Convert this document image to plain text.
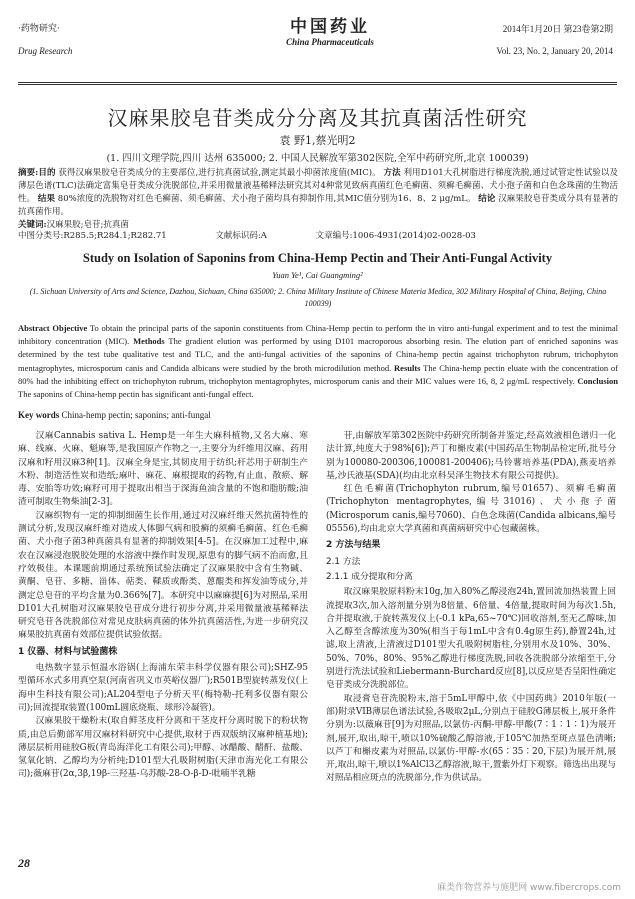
·药物研究·
Drug Research
中国药业
China Pharmaceuticals
2014年1月20日 第23卷第2期
Vol. 23, No. 2, January 20, 2014
汉麻果胶皂苷类成分分离及其抗真菌活性研究
袁 野1,蔡光明2
(1. 四川文理学院,四川 达州 635000; 2. 中国人民解放军第302医院,全军中药研究所,北京 100039)
摘要:目的 获得汉麻果胶皂苷类成分的主要部位,进行抗真菌试验,测定其最小抑菌浓度值(MIC)。 方法 利用D101大孔树脂进行梯度洗脱,通过试管定性试验以及薄层色谱(TLC)法确定富集皂苷类成分洗脱部位,并采用微量液基稀释法研究其对4种常见致病真菌红色毛癣菌、须癣毛癣菌、犬小孢子菌和白色念珠菌的生物活性。 结果 80%浓度的洗脱物对红色毛癣菌、须毛癣菌、犬小孢子菌均具有抑制作用,其MIC值分别为16、8、2 μg/mL。 结论 汉麻果胶皂苷类成分具有显著的抗真菌作用。
关键词:汉麻果胶;皂苷;抗真菌
中图分类号:R285.5;R284.1;R282.71	文献标识码:A	文章编号:1006-4931(2014)02-0028-03
Study on Isolation of Saponins from China-Hemp Pectin and Their Anti-Fungal Activity
Yuan Ye¹, Cai Guangming²
(1. Sichuan University of Arts and Science, Dazhou, Sichuan, China 635000; 2. China Military Institute of Chinese Materia Medica, 302 Military Hospital of China, Beijing, China 100039)
Abstract Objective To obtain the principal parts of the saponin constituents from China-Hemp pectin to perform the in vitro anti-fungal experiment and to test the minimal inhibitory concentration (MIC). Methods The gradient elution was performed by using D101 macroporous absorbing resin. The elution part of enriched saponins was determined by the test tube qualitative test and TLC, and the anti-fungal activities of the saponins of China-hemp pectin against trichophyton rubrum, trichophyton mentagrophytes, microsporum canis and Candida albicans were studied by the broth microdilution method. Results The China-hemp pectin eluate with the concentration of 80% had the inhibiting effect on trichophyton rubrum, trichophyton mentagrophytes, microsporum canis and their MIC values were 16, 8, 2 μg/mL respectively. Conclusion The saponins of China-hemp pectin has significant anti-fungal effect.
Key words China-hemp pectin; saponins; anti-fungal

汉麻Cannabis sativa L. Hemp是一年生大麻科植物,又名大麻、寒麻、线麻、火麻、魁麻等,是我国原产作物之一,主要分为纤维用汉麻、药用汉麻和籽用汉麻3种[1]。汉麻全身是宝,其韧皮用于纺织;秆芯用于研制生产木粉、制造活性炭和造纸;麻叶、麻花、麻根提取的药物,有止血、散瘀、解毒、安胎等功效;麻籽可用于提取出相当于深海鱼油含量的不饱和脂肪酸;油渣可制取生物柴油[2-3]。

汉麻织物有一定的抑制细菌生长作用,通过对汉麻纤维天然抗菌特性的测试分析,发现汉麻纤维对造成人体脚气病和股癣的须癣毛癣菌、红色毛癣菌、犬小孢子菌3种真菌具有显著的抑制效果[4-5]。在汉麻加工过程中,麻农在汉麻浸泡脱胶处理的水溶液中操作时发现,原患有的脚气病不治而愈,且疗效极佳。本课题前期通过系统预试验法确定了汉麻果胶中含有生物碱、黄酮、皂苷、多糖、甾体、萜类、鞣质或酚类、蒽醌类和挥发油等成分,并测定总皂苷的平均含量为0.366%[7]。本研究中以麻麻提[6]为对照品,采用D101大孔树脂对汉麻果胶皂苷成分进行初步分离,并采用微量液基稀释法研究皂苷各洗脱部位对常见皮肤病真菌的体外抗真菌活性,为进一步研究汉麻果胶抗真菌有效部位提供试验依据。

1 仪器、材料与试验菌株

电热数字显示恒温水浴锅(上海浦东荣丰科学仪器有限公司);SHZ-95型循环水式多用真空泵(河南省巩义市英峪仪器厂);R501B型旋转蒸发仪(上海申生科技有限公司);AL204型电子分析天平(梅特勒-托利多仪器有限公司);回流提取装置(100mL圆底烧瓶、球形冷凝管)。

汉麻果胶干燥粉末(取自鲜茎皮杆分离和干茎皮杆分离时脱下的粉状物质,由总后勤部军用汉麻材料研究中心提供,取材于西双版纳汉麻种植基地);薄层层析用硅胶G板(青岛海洋化工有限公司);甲醇、冰醋酸、醋酐、盐酸、氢氧化钠、乙醇均为分析纯;D101型大孔吸附树脂(天津市海光化工有限公司);薇麻苷(2α,3β,19β-三羟基-乌苏酸-28-O-β-D-吡喃半乳糖

苷,由解放军第302医院中药研究所制备并鉴定,经高效液相色谱归一化法计算,纯度大于98%[6]);芦丁和槲皮素(中国药品生物制品检定所,批号分别为100080-200306,100081-200406);马铃薯培养基(PDA),燕麦培养基,沙氏液基(SDA)(均由北京科吴泽生物技术有限公司提供)。

红色毛癣菌(Trichophyton rubrum,编号01657)、须癣毛癣菌(Trichophyton mentagrophytes,编号31016)、犬小孢子菌(Microsporum canis,编号7060)、白色念珠菌(Candida albicans,编号05556),均由北京大学真菌和真菌病研究中心包藏菌株。

2 方法与结果
2.1 方法
2.1.1 成分提取和分离

取汉麻果胶原料粉末10g,加入80%乙醇浸泡24h,置回流加热装置上回流提取3次,加入溶剂量分别为8倍量、6倍量、4倍量,提取时间为每次1.5h,合并提取液,于旋转蒸发仪上(-0.1 kPa,65~70℃)回收溶剂,至无乙醇味,加入乙醇至含醇浓度为30%(相当于每1mL中含有0.4g原生药),静置24h,过滤,取上清液,上清液过D101型大孔吸附树脂柱,分别用水及10%、30%、50%、70%、80%、95%乙醇进行梯度洗脱,回收各洗脱部分浓缩至干,分别进行洗法试验和Liebermann-Burchard反应[8],以反应是否呈阳性确定皂苷类成分洗脱部位。

取浸膏皂苷洗脱粉末,溶于5mL甲醇中,依《中国药典》2010年版(一部)附录VIB薄层色谱法试验,各吸取2μL,分别点于硅胶G薄层板上,展开条件分别为:以薇麻苷[9]为对照品,以氯仿-丙酮-甲醇-甲酸(7∶1∶1∶1)为展开剂,展开,取出,晾干,喷以10%硫酸乙醇溶液,于105℃加热至斑点显色清晰;以芦丁和槲皮素为对照品,以氯仿-甲醇-水(65∶35∶20,下层)为展开剂,展开,取出,晾干,喷以1%AlCl3乙醇溶液,晾干,置紫外灯下观察。筛选出出现与对照品相应斑点的洗脱部分,作为供试品。

28
麻类作物营养与施肥网 www.fibercrops.com
